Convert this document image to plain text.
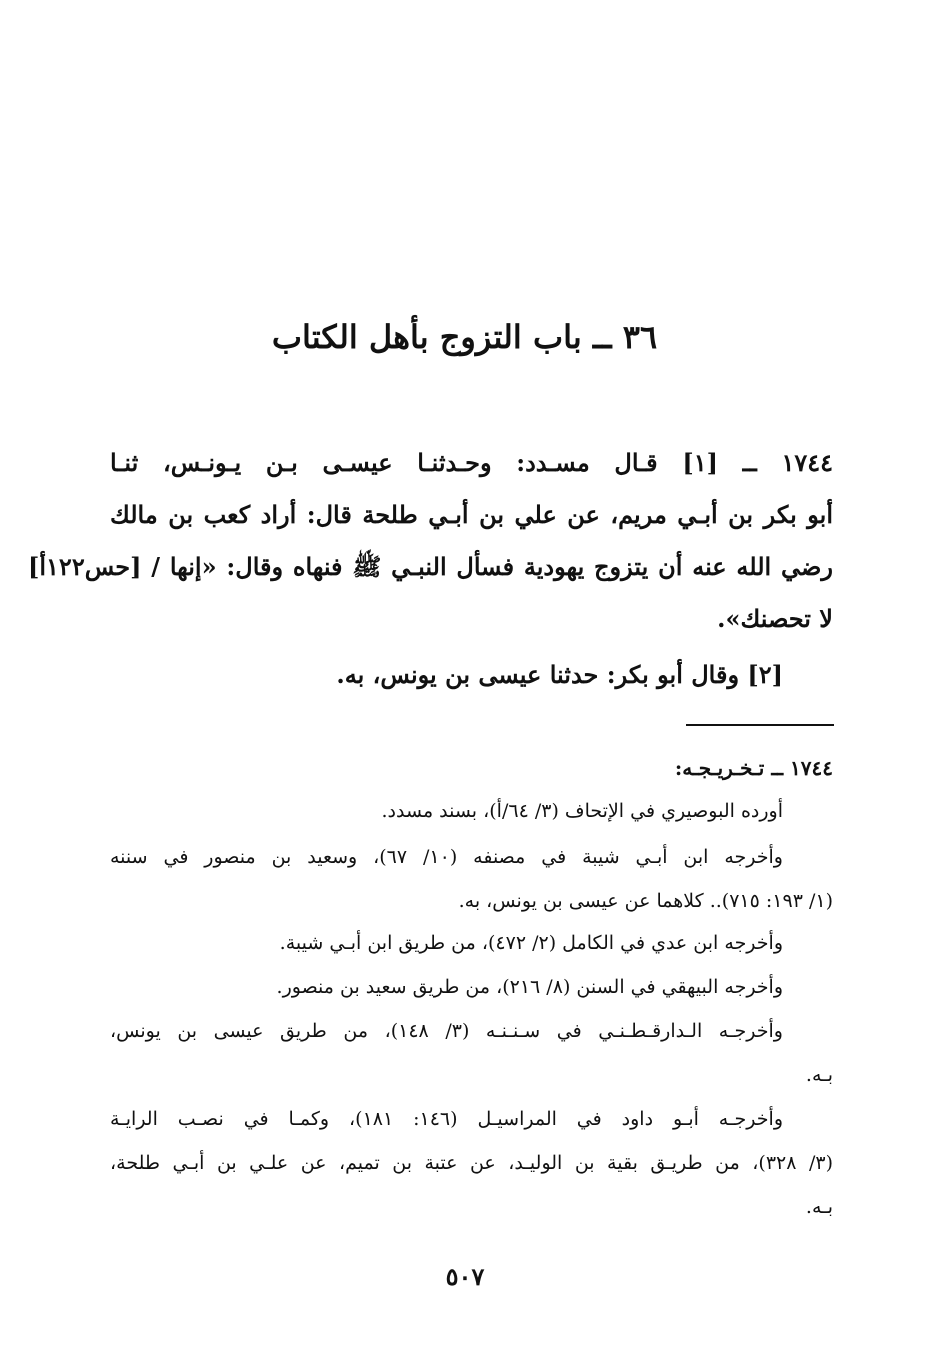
٣٦ ــ باب التزوج بأهل الكتاب
١٧٤٤ ــ [١] قـال مسـدد: وحـدثنـا عيسـى بـن يـونـس، ثنـا
أبو بكر بن أبـي مريم، عن علي بن أبـي طلحة قال: أراد كعب بن مالك
رضي الله عنه أن يتزوج يهودية فسأل النبـي ﷺ فنهاه وقال: «إنها / [حس١٢٢أ]
لا تحصنك».
[٢] وقال أبو بكر: حدثنا عيسى بن يونس، به.
١٧٤٤ ــ تـخـريـجـه:
أورده البوصيري في الإتحاف (٣/ ٦٤/أ)، بسند مسدد.
وأخرجه ابن أبـي شيبة في مصنفه (١٠/ ٦٧)، وسعيد بن منصور في سننه
(١/ ١٩٣: ٧١٥).. كلاهما عن عيسى بن يونس، به.
وأخرجه ابن عدي في الكامل (٢/ ٤٧٢)، من طريق ابن أبـي شيبة.
وأخرجه البيهقي في السنن (٨/ ٢١٦)، من طريق سعيد بن منصور.
وأخرجـه الـدارقـطـنـي في سـنـنـه (٣/ ١٤٨)، من طريق عيسى بن يونس،
بـه.
وأخرجـه أبـو داود في المراسيـل (١٤٦: ١٨١)، وكمـا في نصـب الرايـة
(٣/ ٣٢٨)، من طريـق بقية بن الوليـد، عن عتبة بن تميم، عن علـي بن أبـي طلحة،
بـه.
٥٠٧
